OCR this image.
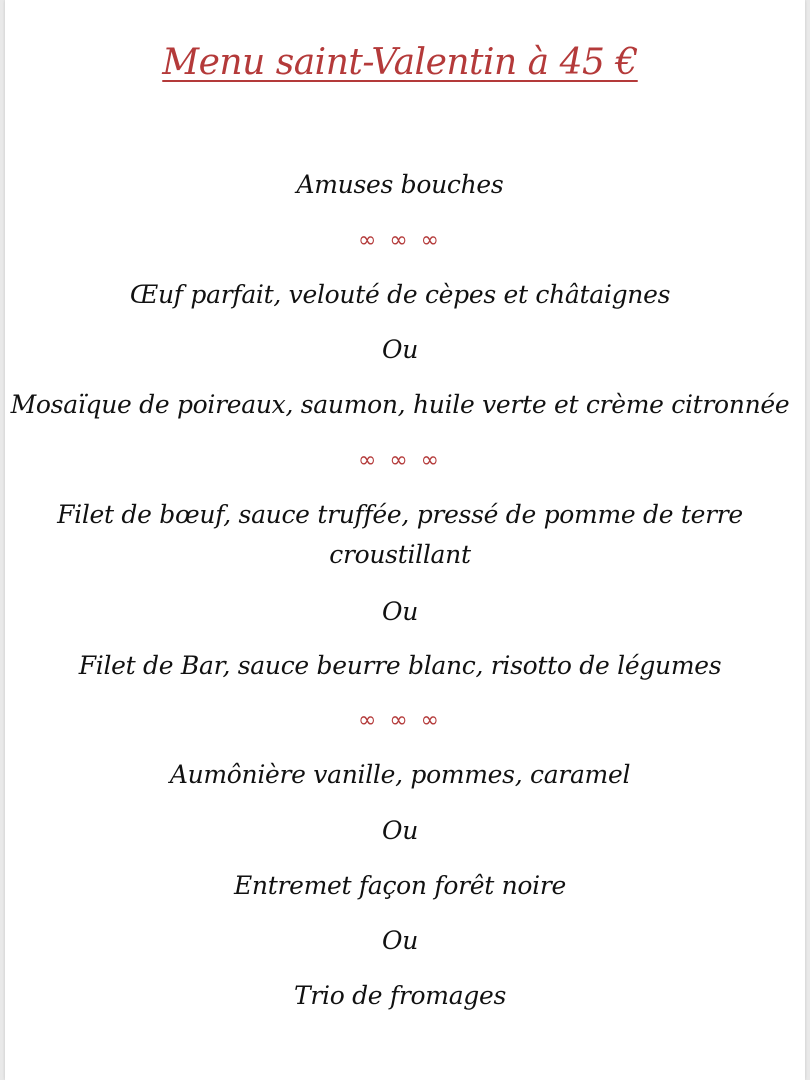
Menu saint-Valentin à 45 €
Amuses bouches
∞ ∞ ∞
Œuf parfait, velouté de cèpes et châtaignes
Ou
Mosaïque de poireaux, saumon, huile verte et crème citronnée
∞ ∞ ∞
Filet de bœuf, sauce truffée, pressé de pomme de terre
croustillant
Ou
Filet de Bar, sauce beurre blanc, risotto de légumes
∞ ∞ ∞
Aumônière vanille, pommes, caramel
Ou
Entremet façon forêt noire
Ou
Trio de fromages
